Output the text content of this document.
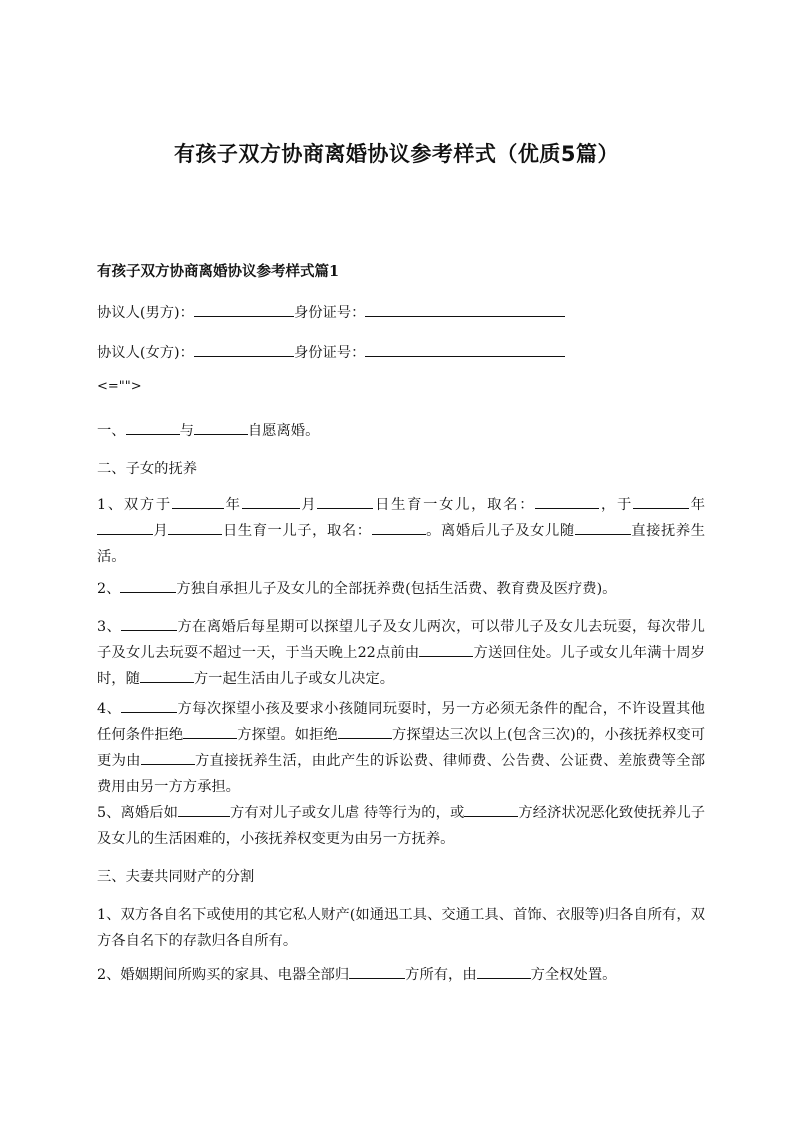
有孩子双方协商离婚协议参考样式（优质5篇）
有孩子双方协商离婚协议参考样式篇1

协议人(男方)：	身份证号：

协议人(女方)：	身份证号：

<="">

一、	与	自愿离婚。

二、子女的抚养

1、双方于	年	月	日生育一女儿，取名：	，于	年月	日生育一儿子，取名：	。离婚后儿子及女儿随	直接抚养生活。

2、	方独自承担儿子及女儿的全部抚养费(包括生活费、教育费及医疗费)。

3、	方在离婚后每星期可以探望儿子及女儿两次，可以带儿子及女儿去玩耍，每次带儿子及女儿去玩耍不超过一天，于当天晚上22点前由	方送回住处。儿子或女儿年满十周岁时，随	方一起生活由儿子或女儿决定。

4、	方每次探望小孩及要求小孩随同玩耍时，另一方必须无条件的配合，不许设置其他任何条件拒绝	方探望。如拒绝	方探望达三次以上(包含三次)的，小孩抚养权变可更为由	方直接抚养生活，由此产生的诉讼费、律师费、公告费、公证费、差旅费等全部费用由另一方方承担。

5、离婚后如	方有对儿子或女儿虐 待等行为的，或	方经济状况恶化致使抚养儿子及女儿的生活困难的，小孩抚养权变更为由另一方抚养。

三、夫妻共同财产的分割

1、双方各自名下或使用的其它私人财产(如通迅工具、交通工具、首饰、衣服等)归各自所有，双方各自名下的存款归各自所有。

2、婚姻期间所购买的家具、电器全部归	方所有，由	方全权处置。
